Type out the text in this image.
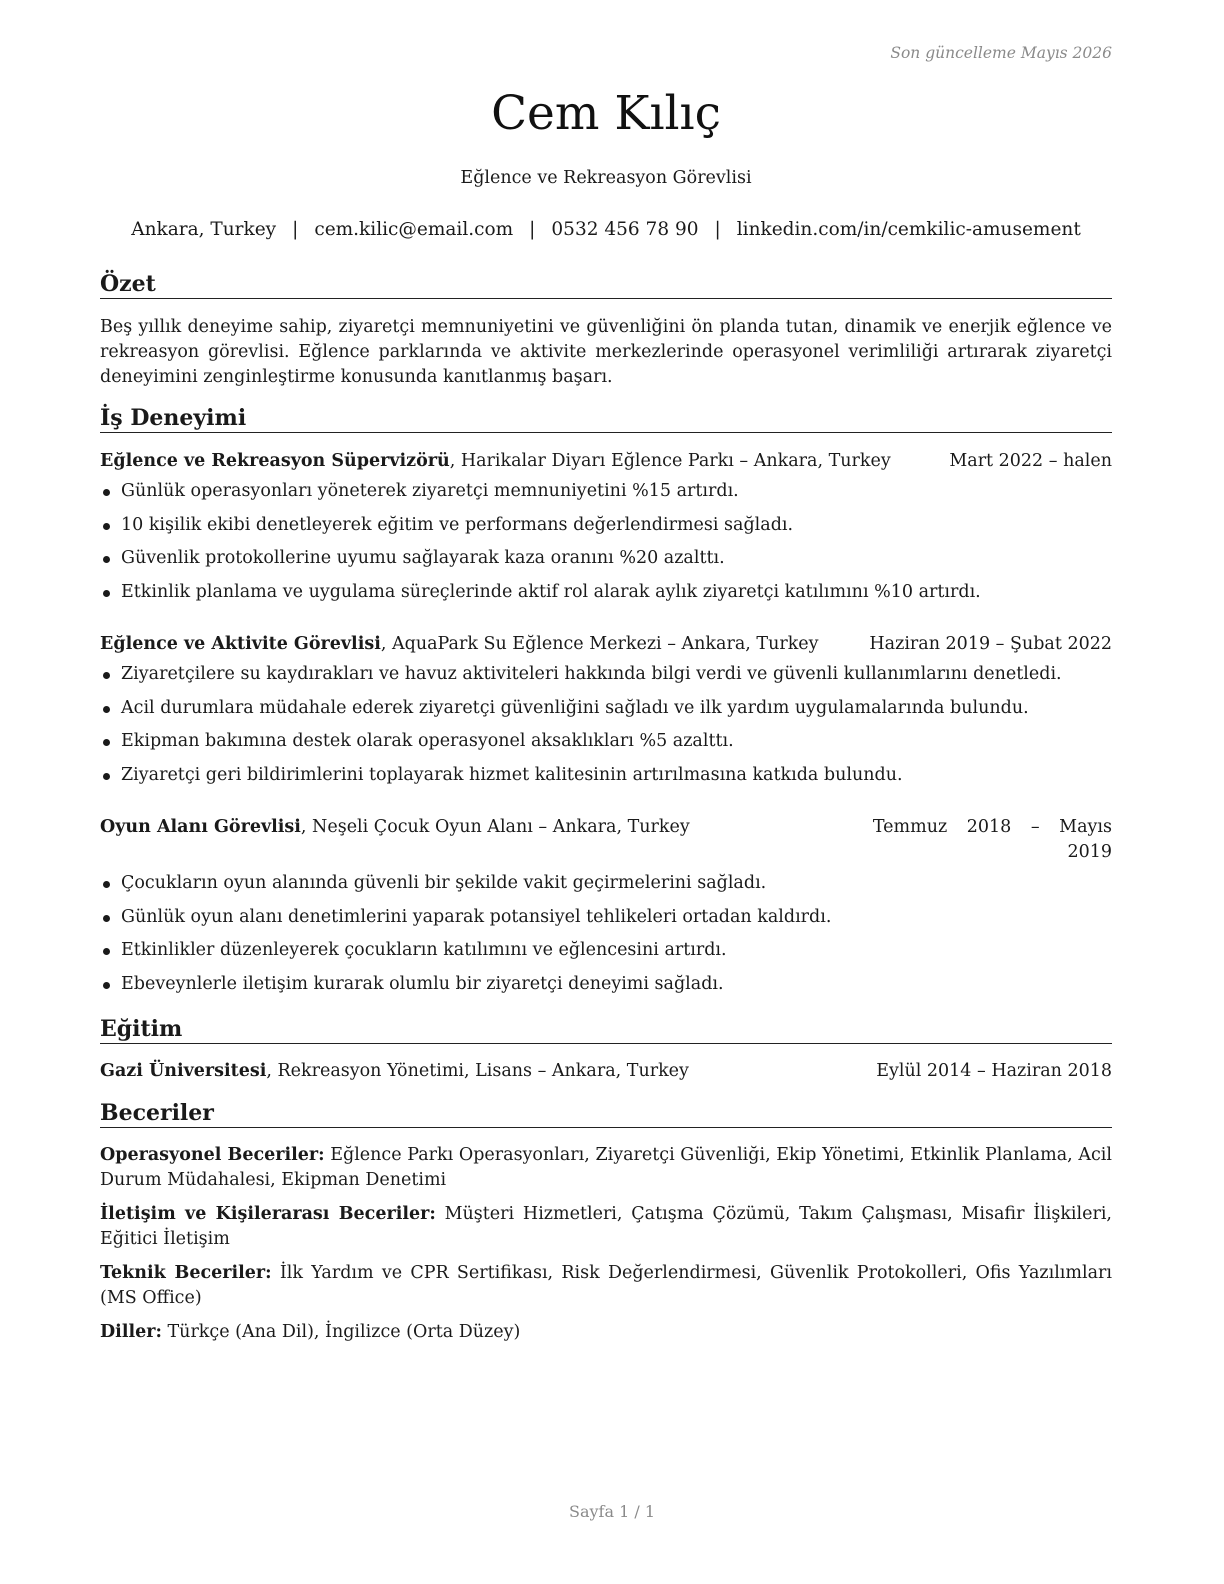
Son güncelleme Mayıs 2026
Cem Kılıç
Eğlence ve Rekreasyon Görevlisi
Ankara, Turkey | cem.kilic@email.com | 0532 456 78 90 | linkedin.com/in/cemkilic-amusement
Özet
Beş yıllık deneyime sahip, ziyaretçi memnuniyetini ve güvenliğini ön planda tutan, dinamik ve enerjik eğlence ve rekreasyon görevlisi. Eğlence parklarında ve aktivite merkezlerinde operasyonel verimliliği artırarak ziyaretçi deneyimini zenginleştirme konusunda kanıtlanmış başarı.
İş Deneyimi
Eğlence ve Rekreasyon Süpervizörü, Harikalar Diyarı Eğlence Parkı – Ankara, Turkey	Mart 2022 – halen
Günlük operasyonları yöneterek ziyaretçi memnuniyetini %15 artırdı.
10 kişilik ekibi denetleyerek eğitim ve performans değerlendirmesi sağladı.
Güvenlik protokollerine uyumu sağlayarak kaza oranını %20 azalttı.
Etkinlik planlama ve uygulama süreçlerinde aktif rol alarak aylık ziyaretçi katılımını %10 artırdı.
Eğlence ve Aktivite Görevlisi, AquaPark Su Eğlence Merkezi – Ankara, Turkey	Haziran 2019 – Şubat 2022
Ziyaretçilere su kaydırakları ve havuz aktiviteleri hakkında bilgi verdi ve güvenli kullanımlarını denetledi.
Acil durumlara müdahale ederek ziyaretçi güvenliğini sağladı ve ilk yardım uygulamalarında bulundu.
Ekipman bakımına destek olarak operasyonel aksaklıkları %5 azalttı.
Ziyaretçi geri bildirimlerini toplayarak hizmet kalitesinin artırılmasına katkıda bulundu.
Oyun Alanı Görevlisi, Neşeli Çocuk Oyun Alanı – Ankara, Turkey	Temmuz 2018 – Mayıs
2019
Çocukların oyun alanında güvenli bir şekilde vakit geçirmelerini sağladı.
Günlük oyun alanı denetimlerini yaparak potansiyel tehlikeleri ortadan kaldırdı.
Etkinlikler düzenleyerek çocukların katılımını ve eğlencesini artırdı.
Ebeveynlerle iletişim kurarak olumlu bir ziyaretçi deneyimi sağladı.
Eğitim
Gazi Üniversitesi, Rekreasyon Yönetimi, Lisans – Ankara, Turkey	Eylül 2014 – Haziran 2018
Beceriler
Operasyonel Beceriler: Eğlence Parkı Operasyonları, Ziyaretçi Güvenliği, Ekip Yönetimi, Etkinlik Planlama, Acil Durum Müdahalesi, Ekipman Denetimi
İletişim ve Kişilerarası Beceriler: Müşteri Hizmetleri, Çatışma Çözümü, Takım Çalışması, Misafir İlişkileri, Eğitici İletişim
Teknik Beceriler: İlk Yardım ve CPR Sertifikası, Risk Değerlendirmesi, Güvenlik Protokolleri, Ofis Yazılımları (MS Office)
Diller: Türkçe (Ana Dil), İngilizce (Orta Düzey)
Sayfa 1 / 1
